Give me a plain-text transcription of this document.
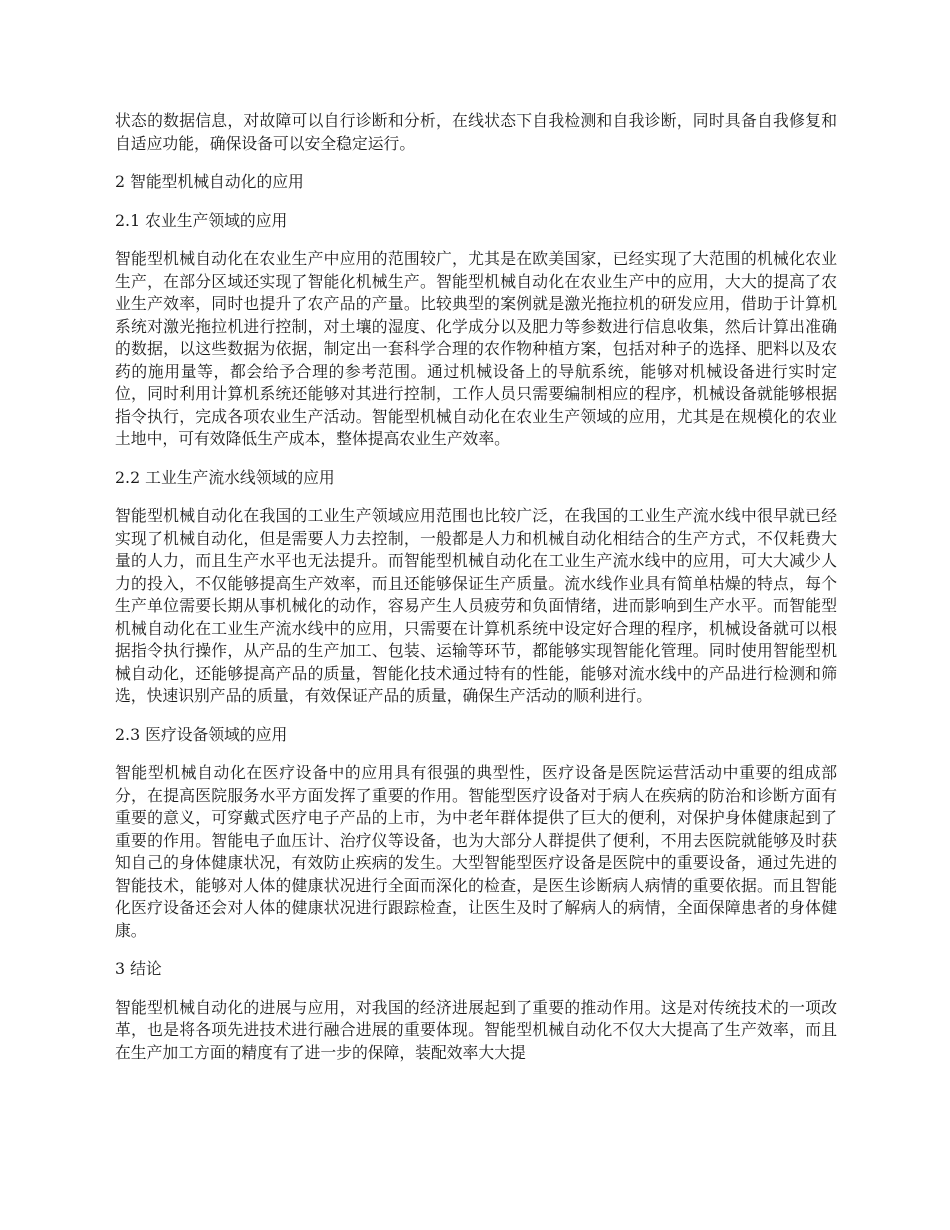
状态的数据信息，对故障可以自行诊断和分析，在线状态下自我检测和自我诊断，同时具备自我修复和自适应功能，确保设备可以安全稳定运行。

2 智能型机械自动化的应用
2.1 农业生产领域的应用

智能型机械自动化在农业生产中应用的范围较广，尤其是在欧美国家，已经实现了大范围的机械化农业生产，在部分区域还实现了智能化机械生产。智能型机械自动化在农业生产中的应用，大大的提高了农业生产效率，同时也提升了农产品的产量。比较典型的案例就是激光拖拉机的研发应用，借助于计算机系统对激光拖拉机进行控制，对土壤的湿度、化学成分以及肥力等参数进行信息收集，然后计算出准确的数据，以这些数据为依据，制定出一套科学合理的农作物种植方案，包括对种子的选择、肥料以及农药的施用量等，都会给予合理的参考范围。通过机械设备上的导航系统，能够对机械设备进行实时定位，同时利用计算机系统还能够对其进行控制，工作人员只需要编制相应的程序，机械设备就能够根据指令执行，完成各项农业生产活动。智能型机械自动化在农业生产领域的应用，尤其是在规模化的农业土地中，可有效降低生产成本，整体提高农业生产效率。

2.2 工业生产流水线领域的应用

智能型机械自动化在我国的工业生产领域应用范围也比较广泛，在我国的工业生产流水线中很早就已经实现了机械自动化，但是需要人力去控制，一般都是人力和机械自动化相结合的生产方式，不仅耗费大量的人力，而且生产水平也无法提升。而智能型机械自动化在工业生产流水线中的应用，可大大减少人力的投入，不仅能够提高生产效率，而且还能够保证生产质量。流水线作业具有简单枯燥的特点，每个生产单位需要长期从事机械化的动作，容易产生人员疲劳和负面情绪，进而影响到生产水平。而智能型机械自动化在工业生产流水线中的应用，只需要在计算机系统中设定好合理的程序，机械设备就可以根据指令执行操作，从产品的生产加工、包装、运输等环节，都能够实现智能化管理。同时使用智能型机械自动化，还能够提高产品的质量，智能化技术通过特有的性能，能够对流水线中的产品进行检测和筛选，快速识别产品的质量，有效保证产品的质量，确保生产活动的顺利进行。

2.3 医疗设备领域的应用

智能型机械自动化在医疗设备中的应用具有很强的典型性，医疗设备是医院运营活动中重要的组成部分，在提高医院服务水平方面发挥了重要的作用。智能型医疗设备对于病人在疾病的防治和诊断方面有重要的意义，可穿戴式医疗电子产品的上市，为中老年群体提供了巨大的便利，对保护身体健康起到了重要的作用。智能电子血压计、治疗仪等设备，也为大部分人群提供了便利，不用去医院就能够及时获知自己的身体健康状况，有效防止疾病的发生。大型智能型医疗设备是医院中的重要设备，通过先进的智能技术，能够对人体的健康状况进行全面而深化的检查，是医生诊断病人病情的重要依据。而且智能化医疗设备还会对人体的健康状况进行跟踪检查，让医生及时了解病人的病情，全面保障患者的身体健康。

3 结论

智能型机械自动化的进展与应用，对我国的经济进展起到了重要的推动作用。这是对传统技术的一项改革，也是将各项先进技术进行融合进展的重要体现。智能型机械自动化不仅大大提高了生产效率，而且在生产加工方面的精度有了进一步的保障，装配效率大大提
